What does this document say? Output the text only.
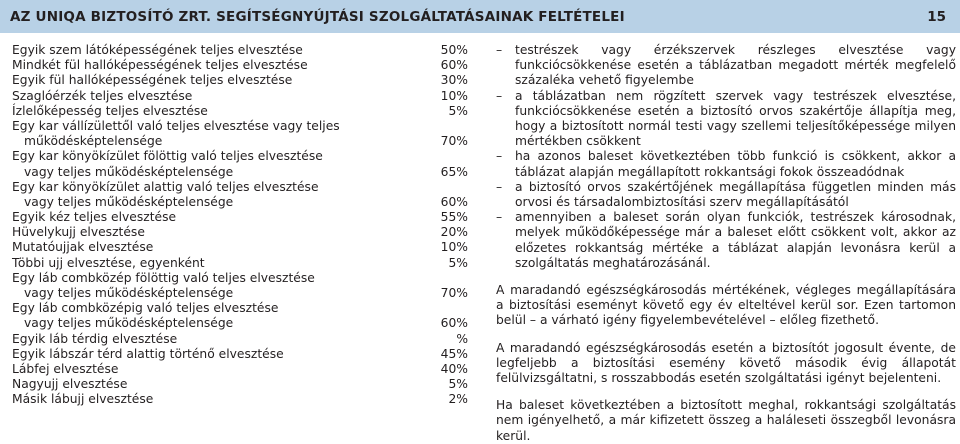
AZ UNIQA BIZTOSÍTÓ ZRT. SEGÍTSÉGNYÚJTÁSI SZOLGÁLTATÁSAINAK FELTÉTELEI	15
Egyik szem látóképességének teljes elvesztése	50%
Mindkét fül hallóképességének teljes elvesztése	60%
Egyik fül hallóképességének teljes elvesztése	30%
Szaglóérzék teljes elvesztése	10%
Ízlelőképesség teljes elvesztése	5%
Egy kar vállízülettől való teljes elvesztése vagy teljes
működésképtelensége	70%
Egy kar könyökízület fölöttig való teljes elvesztése
vagy teljes működésképtelensége	65%
Egy kar könyökízület alattig való teljes elvesztése
vagy teljes működésképtelensége	60%
Egyik kéz teljes elvesztése	55%
Hüvelykujj elvesztése	20%
Mutatóujjak elvesztése	10%
Többi ujj elvesztése, egyenként	5%
Egy láb combközép fölöttig való teljes elvesztése
vagy teljes működésképtelensége	70%
Egy láb combközépig való teljes elvesztése
vagy teljes működésképtelensége	60%
Egyik láb térdig elvesztése	%
Egyik lábszár térd alattig történő elvesztése	45%
Lábfej elvesztése	40%
Nagyujj elvesztése	5%
Másik lábujj elvesztése	2%
– testrészek vagy érzékszervek részleges elvesztése vagy funkciócsökkenése esetén a táblázatban megadott mérték megfelelő százaléka vehető figyelembe
– a táblázatban nem rögzített szervek vagy testrészek elvesztése, funkciócsökkenése esetén a biztosító orvos szakértője állapítja meg, hogy a biztosított normál testi vagy szellemi teljesítőképessége milyen mértékben csökkent
– ha azonos baleset következtében több funkció is csökkent, akkor a táblázat alapján megállapított rokkantsági fokok összeadódnak
– a biztosító orvos szakértőjének megállapítása független minden más orvosi és társadalombiztosítási szerv megállapításától
– amennyiben a baleset során olyan funkciók, testrészek károsodnak, melyek működőképessége már a baleset előtt csökkent volt, akkor az előzetes rokkantság mértéke a táblázat alapján levonásra kerül a szolgáltatás meghatározásánál.

A maradandó egészségkárosodás mértékének, végleges megállapítására a biztosítási eseményt követő egy év elteltével kerül sor. Ezen tartomon belül – a várható igény figyelembevételével – előleg fizethető.

A maradandó egészségkárosodás esetén a biztosítót jogosult évente, de legfeljebb a biztosítási esemény követő második évig állapotát felülvizsgáltatni, s rosszabbodás esetén szolgáltatási igényt bejelenteni.

Ha baleset következtében a biztosított meghal, rokkantsági szolgáltatás nem igényelhető, a már kifizetett összeg a haláleseti összegből levonásra kerül.
